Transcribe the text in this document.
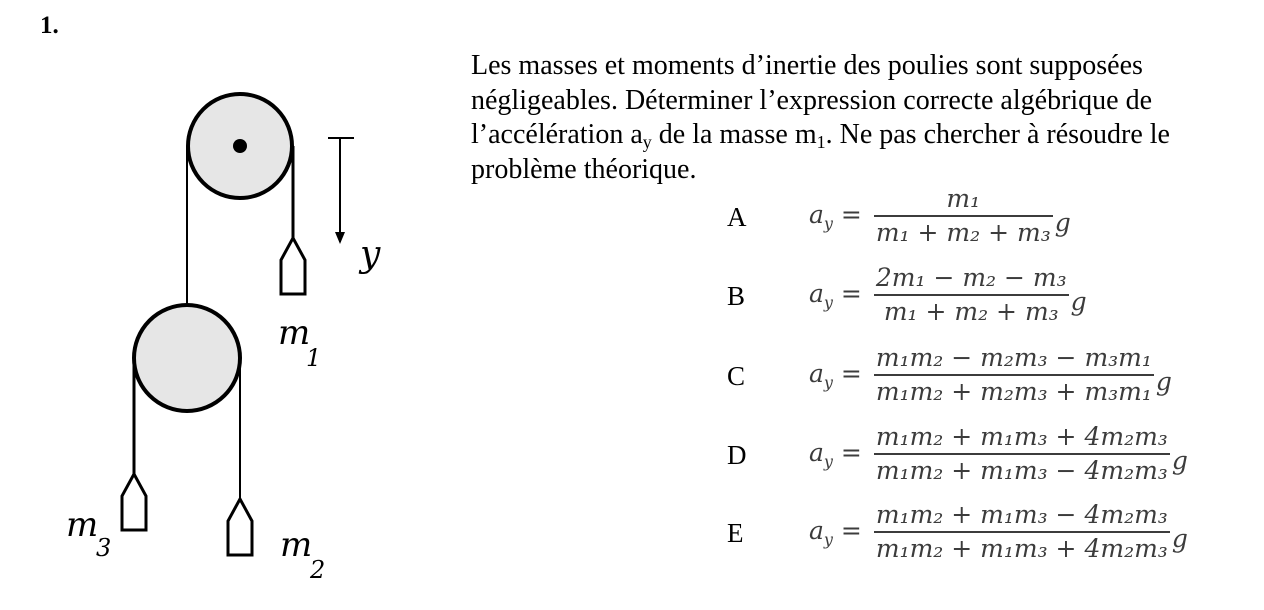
1.
y
m
1
m
3	m
2

Les masses et moments d’inertie des poulies sont supposées négligeables. Déterminer l’expression correcte algébrique de l’accélération $a_y$ de la masse $m_1$. Ne pas chercher à résoudre le problème théorique.

A	$a_y = \frac{\text{m₁}}{\text{m₁ + m₂ + m₃}}$ g
B	$a_y = \frac{\text{2m₁ − m₂ − m₃}}{\text{m₁ + m₂ + m₃}}$ g
C	$a_y = \frac{\text{m₁m₂ − m₂m₃ − m₃m₁}}{\text{m₁m₂ + m₂m₃ + m₃m₁}}$ g
D	$a_y = \frac{\text{m₁m₂ + m₁m₃ + 4m₂m₃}}{\text{m₁m₂ + m₁m₃ − 4m₂m₃}}$ g
E	$a_y = \frac{\text{m₁m₂ + m₁m₃ − 4m₂m₃}}{\text{m₁m₂ + m₁m₃ + 4m₂m₃}}$ g
